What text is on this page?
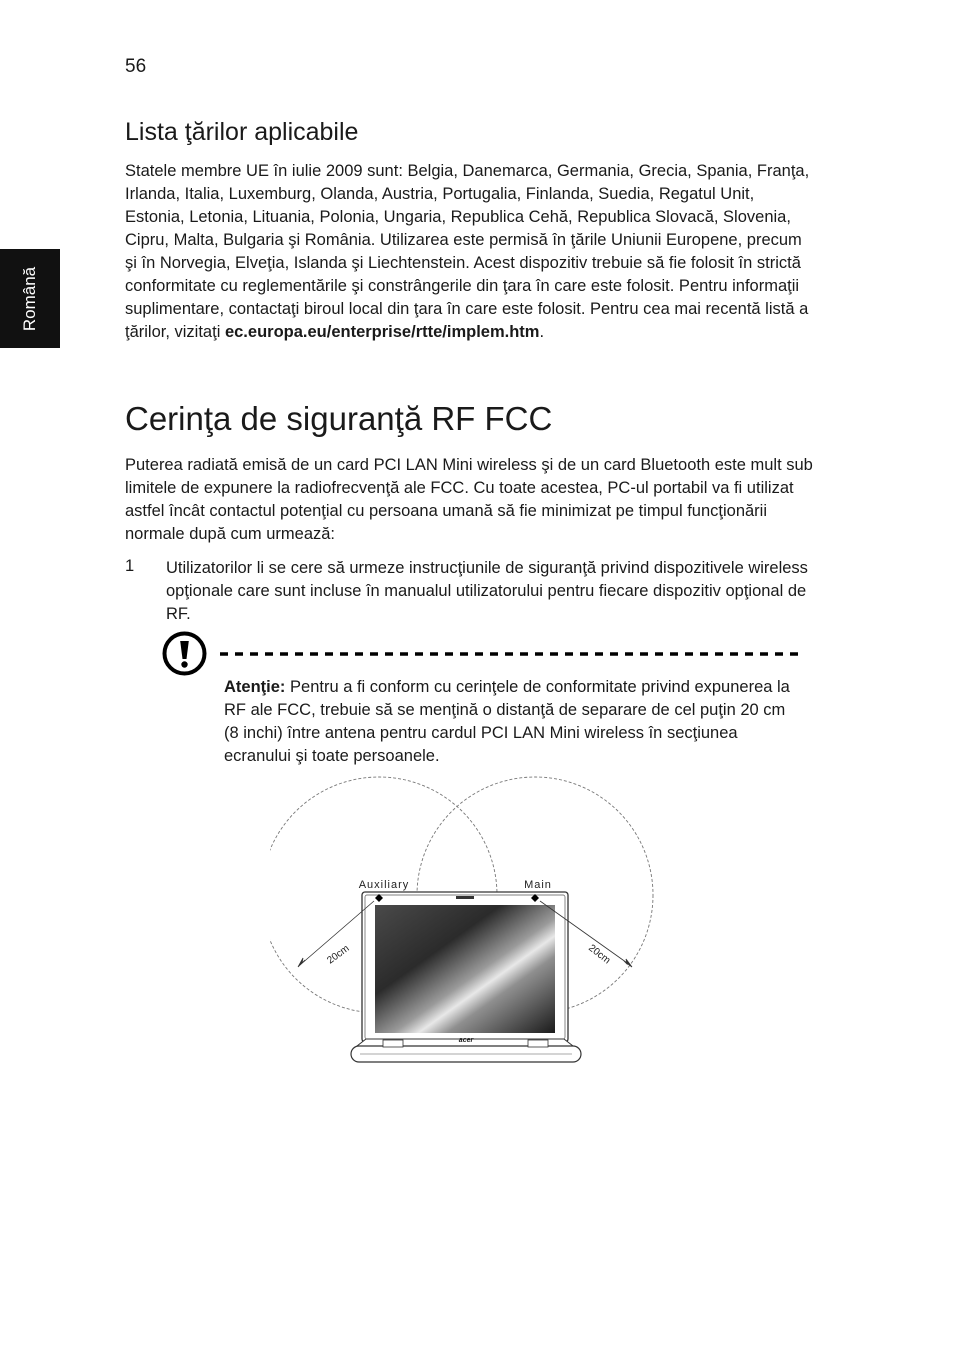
56
Română
Lista ţărilor aplicabile

Statele membre UE în iulie 2009 sunt: Belgia, Danemarca, Germania, Grecia, Spania, Franţa, Irlanda, Italia, Luxemburg, Olanda, Austria, Portugalia, Finlanda, Suedia, Regatul Unit, Estonia, Letonia, Lituania, Polonia, Ungaria, Republica Cehă, Republica Slovacă, Slovenia, Cipru, Malta, Bulgaria şi România. Utilizarea este permisă în ţările Uniunii Europene, precum şi în Norvegia, Elveţia, Islanda şi Liechtenstein. Acest dispozitiv trebuie să fie folosit în strictă conformitate cu reglementările şi constrângerile din ţara în care este folosit. Pentru informaţii suplimentare, contactaţi biroul local din ţara în care este folosit. Pentru cea mai recentă listă a ţărilor, vizitaţi ec.europa.eu/enterprise/rtte/implem.htm.

Cerinţa de siguranţă RF FCC

Puterea radiată emisă de un card PCI LAN Mini wireless şi de un card Bluetooth este mult sub limitele de expunere la radiofrecvenţă ale FCC. Cu toate acestea, PC-ul portabil va fi utilizat astfel încât contactul potenţial cu persoana umană să fie minimizat pe timpul funcţionării normale după cum urmează:

1 Utilizatorilor li se cere să urmeze instrucţiunile de siguranţă privind dispozitivele wireless opţionale care sunt incluse în manualul utilizatorului pentru fiecare dispozitiv opţional de RF.
Atenţie: Pentru a fi conform cu cerinţele de conformitate privind expunerea la RF ale FCC, trebuie să se menţină o distanţă de separare de cel puţin 20 cm (8 inchi) între antena pentru cardul PCI LAN Mini wireless în secţiunea ecranului şi toate persoanele.
acer
Auxiliary	Main
20cm	20cm
